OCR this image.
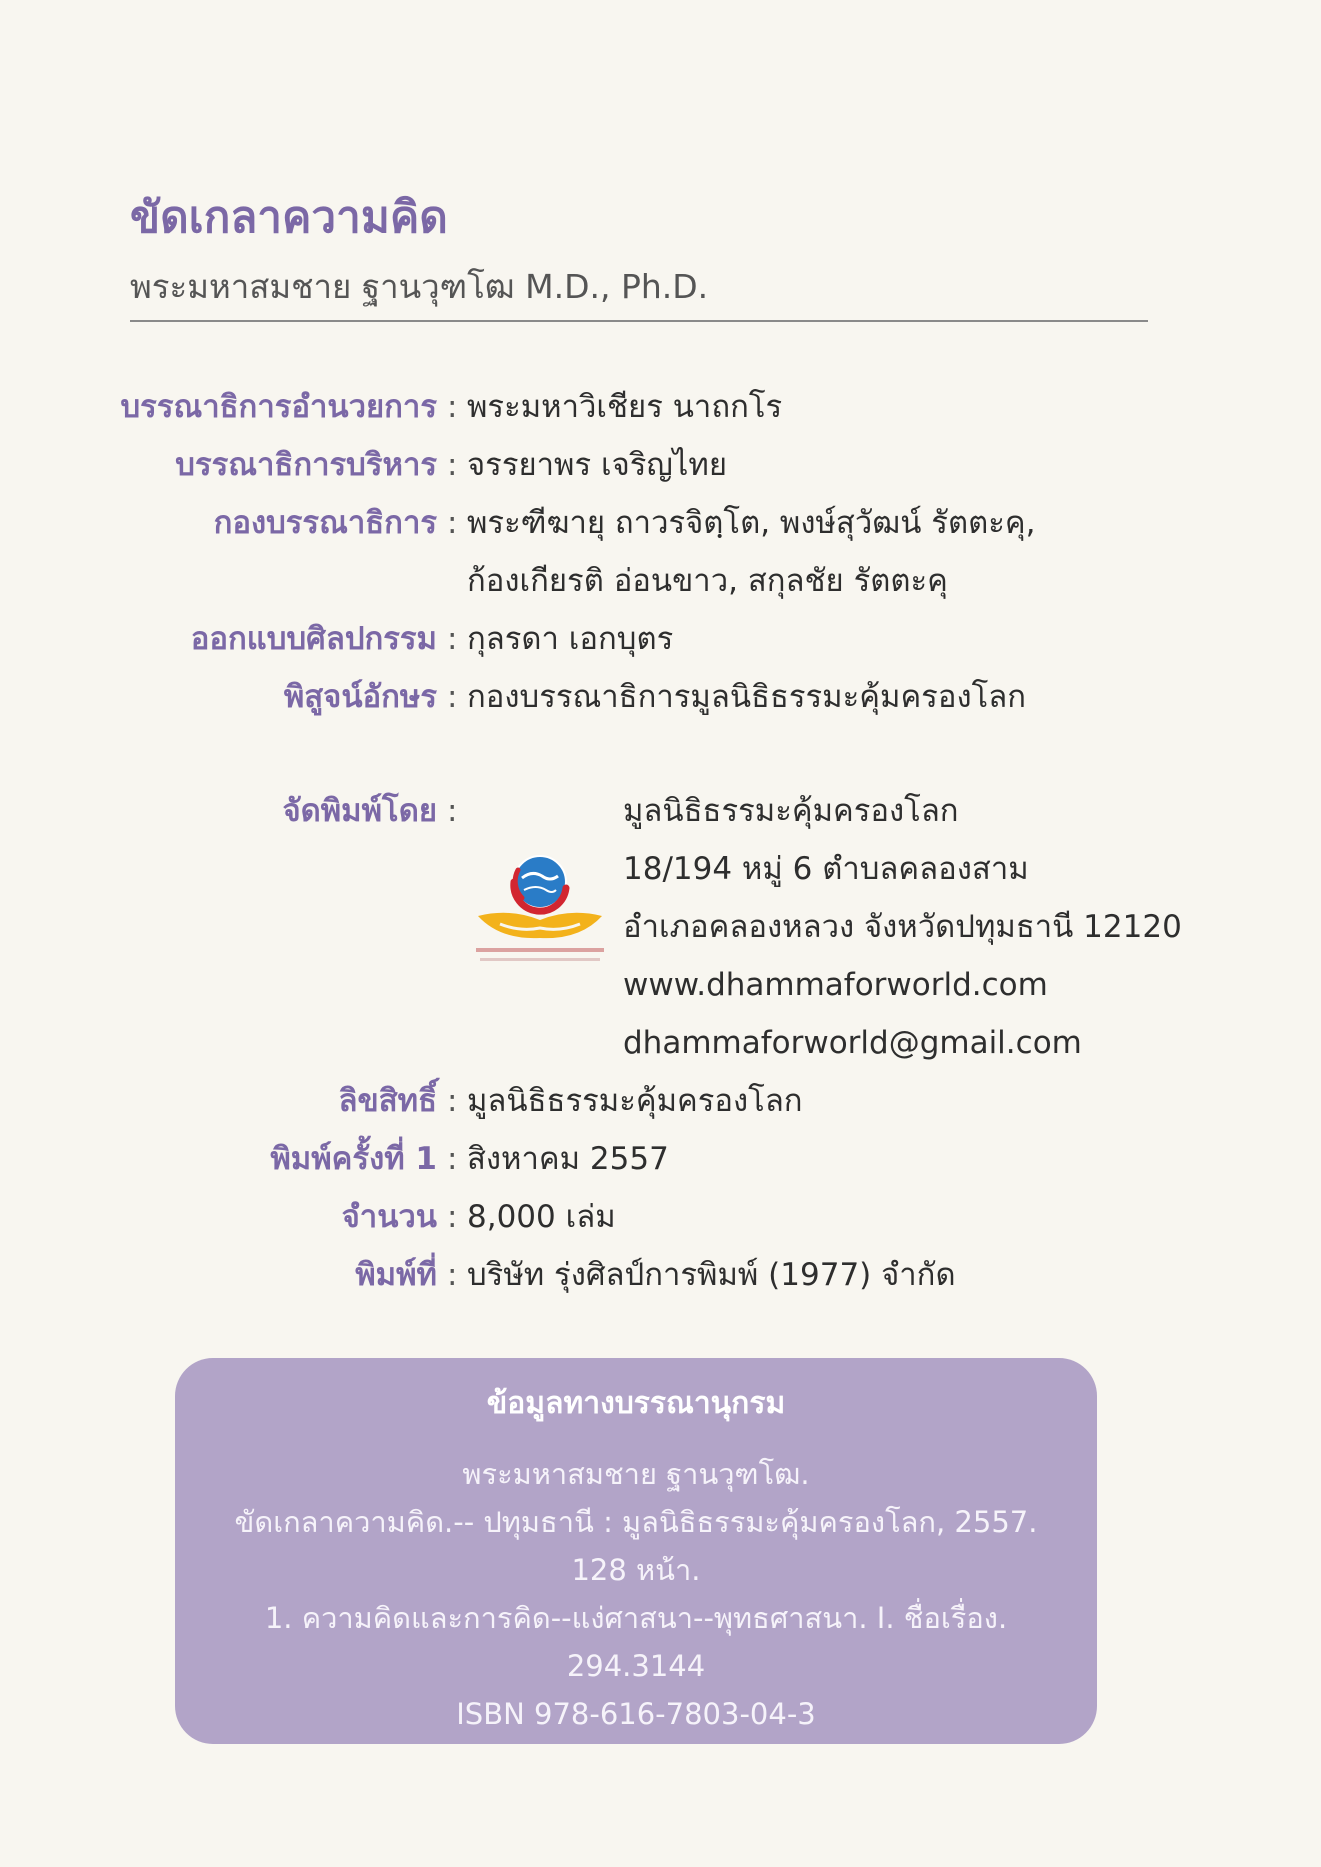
ขัดเกลาความคิด
พระมหาสมชาย ฐานวุฑโฒ M.D., Ph.D.
บรรณาธิการอำนวยการ : พระมหาวิเชียร นาถกโร
บรรณาธิการบริหาร : จรรยาพร เจริญไทย
กองบรรณาธิการ : พระฑีฆายุ ถาวรจิตฺโต, พงษ์สุวัฒน์ รัตตะคุ,
ก้องเกียรติ อ่อนขาว, สกุลชัย รัตตะคุ
ออกแบบศิลปกรรม : กุลรดา เอกบุตร
พิสูจน์อักษร : กองบรรณาธิการมูลนิธิธรรมะคุ้มครองโลก
จัดพิมพ์โดย :	มูลนิธิธรรมะคุ้มครองโลก
18/194 หมู่ 6 ตำบลคลองสาม
อำเภอคลองหลวง จังหวัดปทุมธานี 12120
www.dhammaforworld.com
dhammaforworld@gmail.com
ลิขสิทธิ์ : มูลนิธิธรรมะคุ้มครองโลก
พิมพ์ครั้งที่ 1 : สิงหาคม 2557
จำนวน : 8,000 เล่ม
พิมพ์ที่ : บริษัท รุ่งศิลป์การพิมพ์ (1977) จำกัด
ข้อมูลทางบรรณานุกรม
พระมหาสมชาย ฐานวุฑโฒ.
ขัดเกลาความคิด.-- ปทุมธานี : มูลนิธิธรรมะคุ้มครองโลก, 2557.
128 หน้า.
1. ความคิดและการคิด--แง่ศาสนา--พุทธศาสนา. I. ชื่อเรื่อง.
294.3144
ISBN 978-616-7803-04-3
